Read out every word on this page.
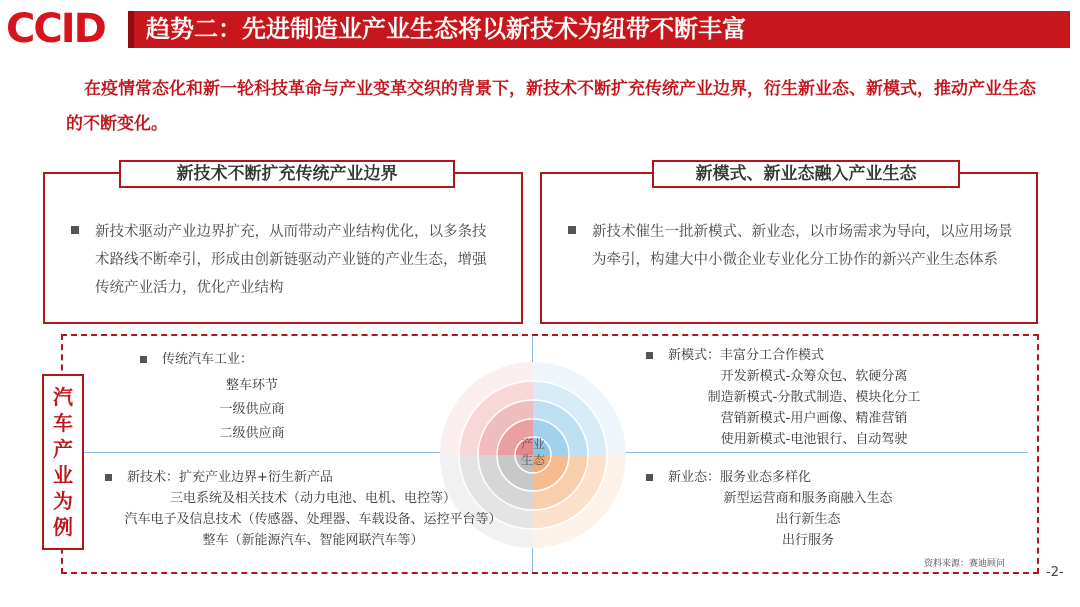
CCID	趋势二：先进制造业产业生态将以新技术为纽带不断丰富
在疫情常态化和新一轮科技革命与产业变革交织的背景下，新技术不断扩充传统产业边界，衍生新业态、新模式，推动产业生态的不断变化。
新技术不断扩充传统产业边界
新技术驱动产业边界扩充，从而带动产业结构优化，以多条技术路线不断牵引，形成由创新链驱动产业链的产业生态，增强传统产业活力，优化产业结构
新模式、新业态融入产业生态
新技术催生一批新模式、新业态，以市场需求为导向，以应用场景为牵引，构建大中小微企业专业化分工协作的新兴产业生态体系
产业
生态
汽
车
产
业
为
例
传统汽车工业：
整车环节
一级供应商
二级供应商
新模式：丰富分工合作模式
开发新模式-众筹众包、软硬分离
制造新模式-分散式制造、模块化分工
营销新模式-用户画像、精准营销
使用新模式-电池银行、自动驾驶
新技术：扩充产业边界+衍生新产品
三电系统及相关技术（动力电池、电机、电控等）
汽车电子及信息技术（传感器、处理器、车载设备、运控平台等）
整车（新能源汽车、智能网联汽车等）
新业态：服务业态多样化
新型运营商和服务商融入生态
出行新生态
出行服务
资料来源：赛迪顾问
-2-
